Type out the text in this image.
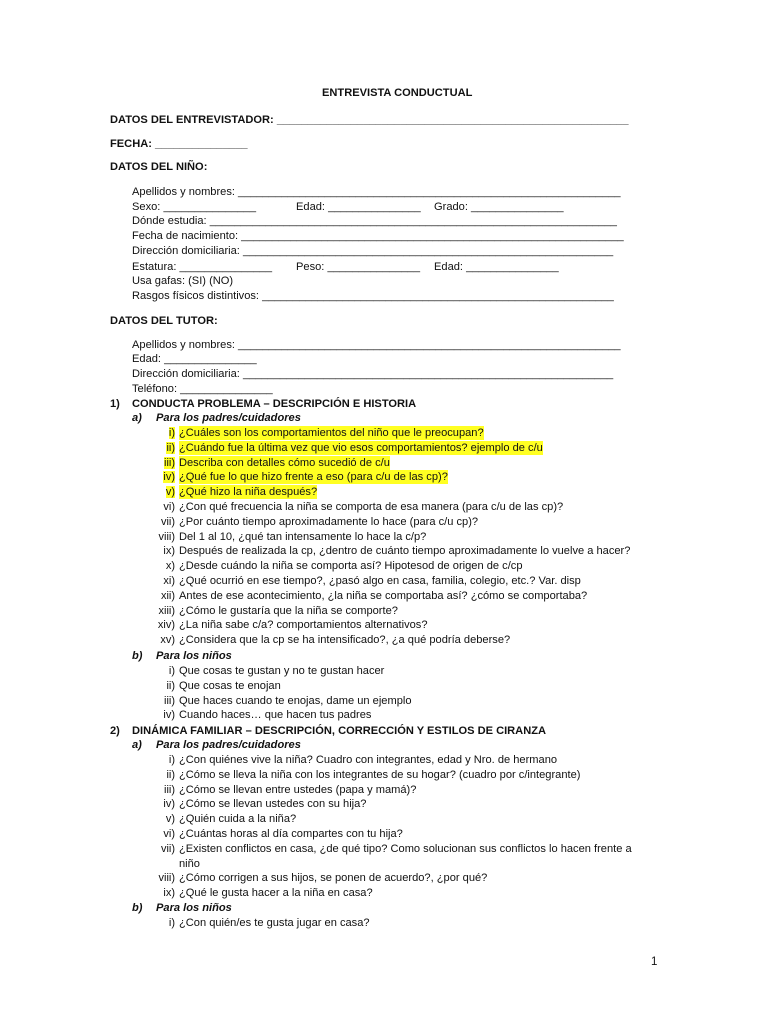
ENTREVISTA CONDUCTUAL
DATOS DEL ENTREVISTADOR: _________________________________________________________
FECHA: _______________
DATOS DEL NIÑO:
Apellidos y nombres: ______________________________________________________________
Sexo: _______________	Edad: _______________ Grado: _______________
Dónde estudia: __________________________________________________________________
Fecha de nacimiento: ______________________________________________________________
Dirección domiciliaria: ____________________________________________________________
Estatura: _______________ Peso: _______________ Edad: _______________
Usa gafas: (SI) (NO)
Rasgos físicos distintivos: _________________________________________________________
DATOS DEL TUTOR:
Apellidos y nombres: ______________________________________________________________
Edad: _______________
Dirección domiciliaria: ____________________________________________________________
Teléfono: _______________
1) CONDUCTA PROBLEMA – DESCRIPCIÓN E HISTORIA
a) Para los padres/cuidadores
i) ¿Cuáles son los comportamientos del niño que le preocupan?
ii) ¿Cuándo fue la última vez que vio esos comportamientos? ejemplo de c/u
iii) Describa con detalles cómo sucedió de c/u
iv) ¿Qué fue lo que hizo frente a eso (para c/u de las cp)?
v) ¿Qué hizo la niña después?
vi) ¿Con qué frecuencia la niña se comporta de esa manera (para c/u de las cp)?
vii) ¿Por cuánto tiempo aproximadamente lo hace (para c/u cp)?
viii) Del 1 al 10, ¿qué tan intensamente lo hace la c/p?
ix) Después de realizada la cp, ¿dentro de cuánto tiempo aproximadamente lo vuelve a hacer?
x) ¿Desde cuándo la niña se comporta así? Hipotesod de origen de c/cp
xi) ¿Qué ocurrió en ese tiempo?, ¿pasó algo en casa, familia, colegio, etc.? Var. disp
xii) Antes de ese acontecimiento, ¿la niña se comportaba así? ¿cómo se comportaba?
xiii) ¿Cómo le gustaría que la niña se comporte?
xiv) ¿La niña sabe c/a? comportamientos alternativos?
xv) ¿Considera que la cp se ha intensificado?, ¿a qué podría deberse?
b) Para los niños
i) Que cosas te gustan y no te gustan hacer
ii) Que cosas te enojan
iii) Que haces cuando te enojas, dame un ejemplo
iv) Cuando haces… que hacen tus padres
2) DINÁMICA FAMILIAR – DESCRIPCIÓN, CORRECCIÓN Y ESTILOS DE CIRANZA
a) Para los padres/cuidadores
i) ¿Con quiénes vive la niña? Cuadro con integrantes, edad y Nro. de hermano
ii) ¿Cómo se lleva la niña con los integrantes de su hogar? (cuadro por c/integrante)
iii) ¿Cómo se llevan entre ustedes (papa y mamá)?
iv) ¿Cómo se llevan ustedes con su hija?
v) ¿Quién cuida a la niña?
vi) ¿Cuántas horas al día compartes con tu hija?
vii) ¿Existen conflictos en casa, ¿de qué tipo? Como solucionan sus conflictos lo hacen frente a
niño
viii) ¿Cómo corrigen a sus hijos, se ponen de acuerdo?, ¿por qué?
ix) ¿Qué le gusta hacer a la niña en casa?
b) Para los niños
i) ¿Con quién/es te gusta jugar en casa?
1
